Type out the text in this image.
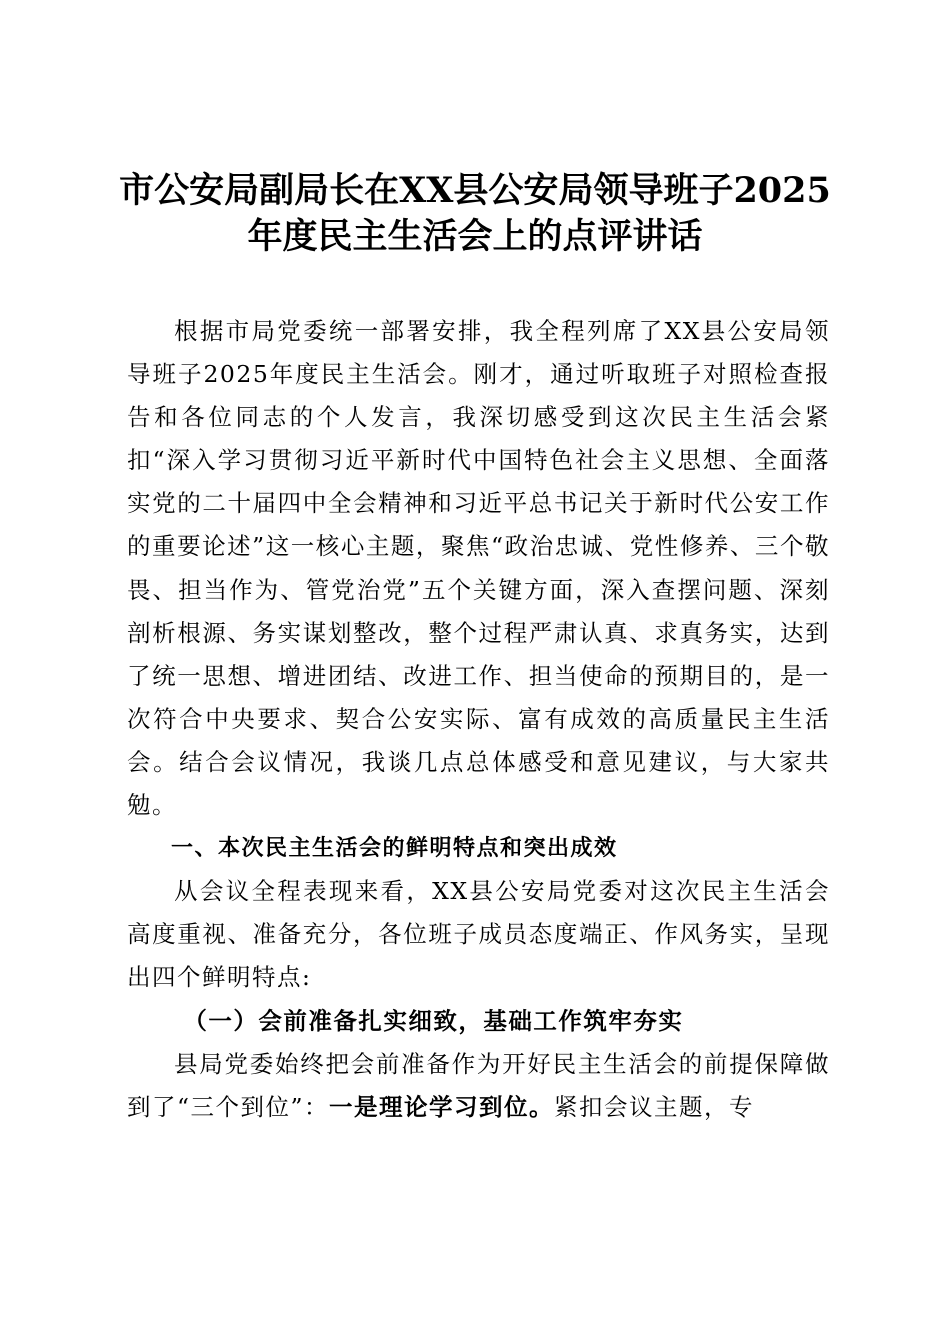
市公安局副局长在XX县公安局领导班子2025
年度民主生活会上的点评讲话

根据市局党委统一部署安排，我全程列席了XX县公安局领导班子2025年度民主生活会。刚才，通过听取班子对照检查报告和各位同志的个人发言，我深切感受到这次民主生活会紧扣“深入学习贯彻习近平新时代中国特色社会主义思想、全面落实党的二十届四中全会精神和习近平总书记关于新时代公安工作的重要论述”这一核心主题，聚焦“政治忠诚、党性修养、三个敬畏、担当作为、管党治党”五个关键方面，深入查摆问题、深刻剖析根源、务实谋划整改，整个过程严肃认真、求真务实，达到了统一思想、增进团结、改进工作、担当使命的预期目的，是一次符合中央要求、契合公安实际、富有成效的高质量民主生活会。结合会议情况，我谈几点总体感受和意见建议，与大家共勉。

一、本次民主生活会的鲜明特点和突出成效

从会议全程表现来看，XX县公安局党委对这次民主生活会高度重视、准备充分，各位班子成员态度端正、作风务实，呈现出四个鲜明特点:

（一）会前准备扎实细致，基础工作筑牢夯实

县局党委始终把会前准备作为开好民主生活会的前提保障做到了“三个到位”：一是理论学习到位。紧扣会议主题，专
